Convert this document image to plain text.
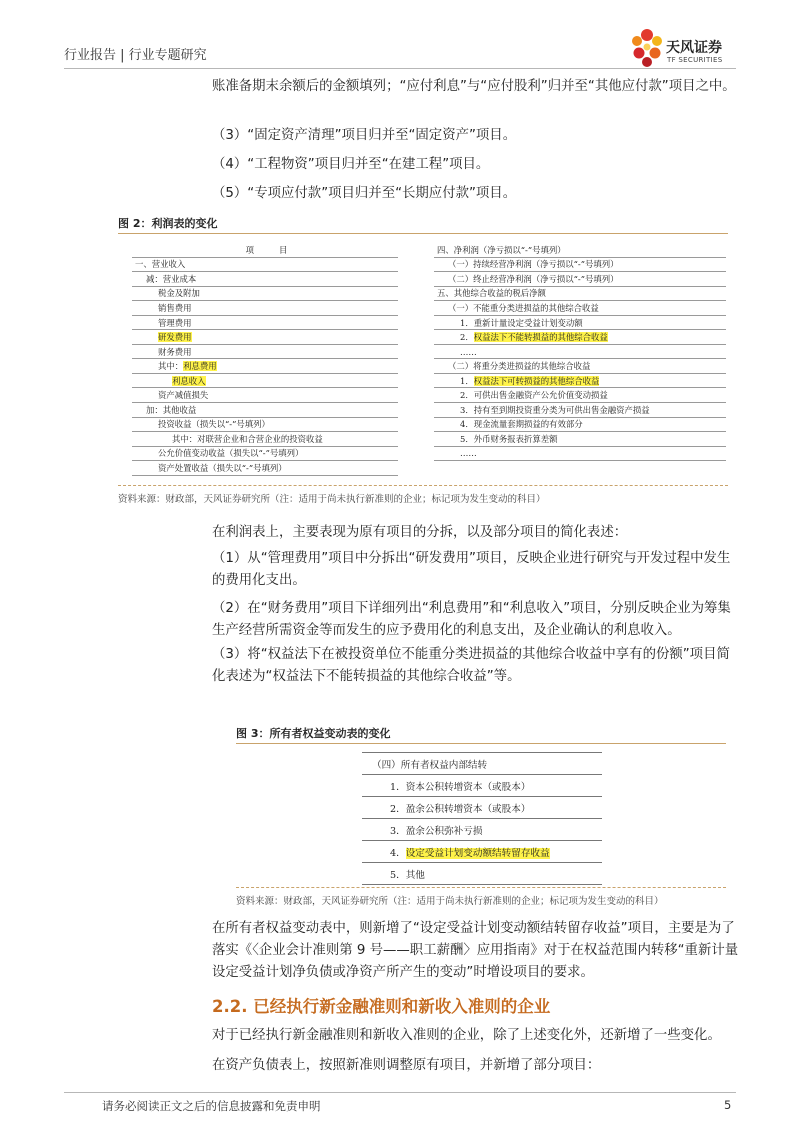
行业报告 | 行业专题研究	天风证券
TF SECURITIES
账准备期末余额后的金额填列；“应付利息”与“应付股利”归并至“其他应付款”项目之中。
（3）“固定资产清理”项目归并至“固定资产”项目。
（4）“工程物资”项目归并至“在建工程”项目。
（5）“专项应付款”项目归并至“长期应付款”项目。
图 2：利润表的变化
项　　　目
一、营业收入
减：营业成本
税金及附加
销售费用
管理费用
研发费用
财务费用
其中：利息费用
利息收入
资产减值损失
加：其他收益
投资收益（损失以“-”号填列）
其中：对联营企业和合营企业的投资收益
公允价值变动收益（损失以“-”号填列）
资产处置收益（损失以“-”号填列）
四、净利润（净亏损以“-”号填列）
（一）持续经营净利润（净亏损以“-”号填列）
（二）终止经营净利润（净亏损以“-”号填列）
五、其他综合收益的税后净额
（一）不能重分类进损益的其他综合收益
1．重新计量设定受益计划变动额
2．权益法下不能转损益的其他综合收益
……
（二）将重分类进损益的其他综合收益
1．权益法下可转损益的其他综合收益
2．可供出售金融资产公允价值变动损益
3．持有至到期投资重分类为可供出售金融资产损益
4．现金流量套期损益的有效部分
5．外币财务报表折算差额
……
资料来源：财政部，天风证券研究所（注：适用于尚未执行新准则的企业；标记项为发生变动的科目）
在利润表上，主要表现为原有项目的分拆，以及部分项目的简化表述：
（1）从“管理费用”项目中分拆出“研发费用”项目，反映企业进行研究与开发过程中发生的费用化支出。
（2）在“财务费用”项目下详细列出“利息费用”和“利息收入”项目，分别反映企业为筹集生产经营所需资金等而发生的应予费用化的利息支出，及企业确认的利息收入。
（3）将“权益法下在被投资单位不能重分类进损益的其他综合收益中享有的份额”项目简化表述为“权益法下不能转损益的其他综合收益”等。
图 3：所有者权益变动表的变化
（四）所有者权益内部结转
1．资本公积转增资本（或股本）
2．盈余公积转增资本（或股本）
3．盈余公积弥补亏损
4．设定受益计划变动额结转留存收益
5．其他
资料来源：财政部，天风证券研究所（注：适用于尚未执行新准则的企业；标记项为发生变动的科目）
在所有者权益变动表中，则新增了“设定受益计划变动额结转留存收益”项目，主要是为了落实《〈企业会计准则第 9 号——职工薪酬〉应用指南》对于在权益范围内转移“重新计量设定受益计划净负债或净资产所产生的变动”时增设项目的要求。
2.2. 已经执行新金融准则和新收入准则的企业
对于已经执行新金融准则和新收入准则的企业，除了上述变化外，还新增了一些变化。
在资产负债表上，按照新准则调整原有项目，并新增了部分项目：
请务必阅读正文之后的信息披露和免责申明	5
